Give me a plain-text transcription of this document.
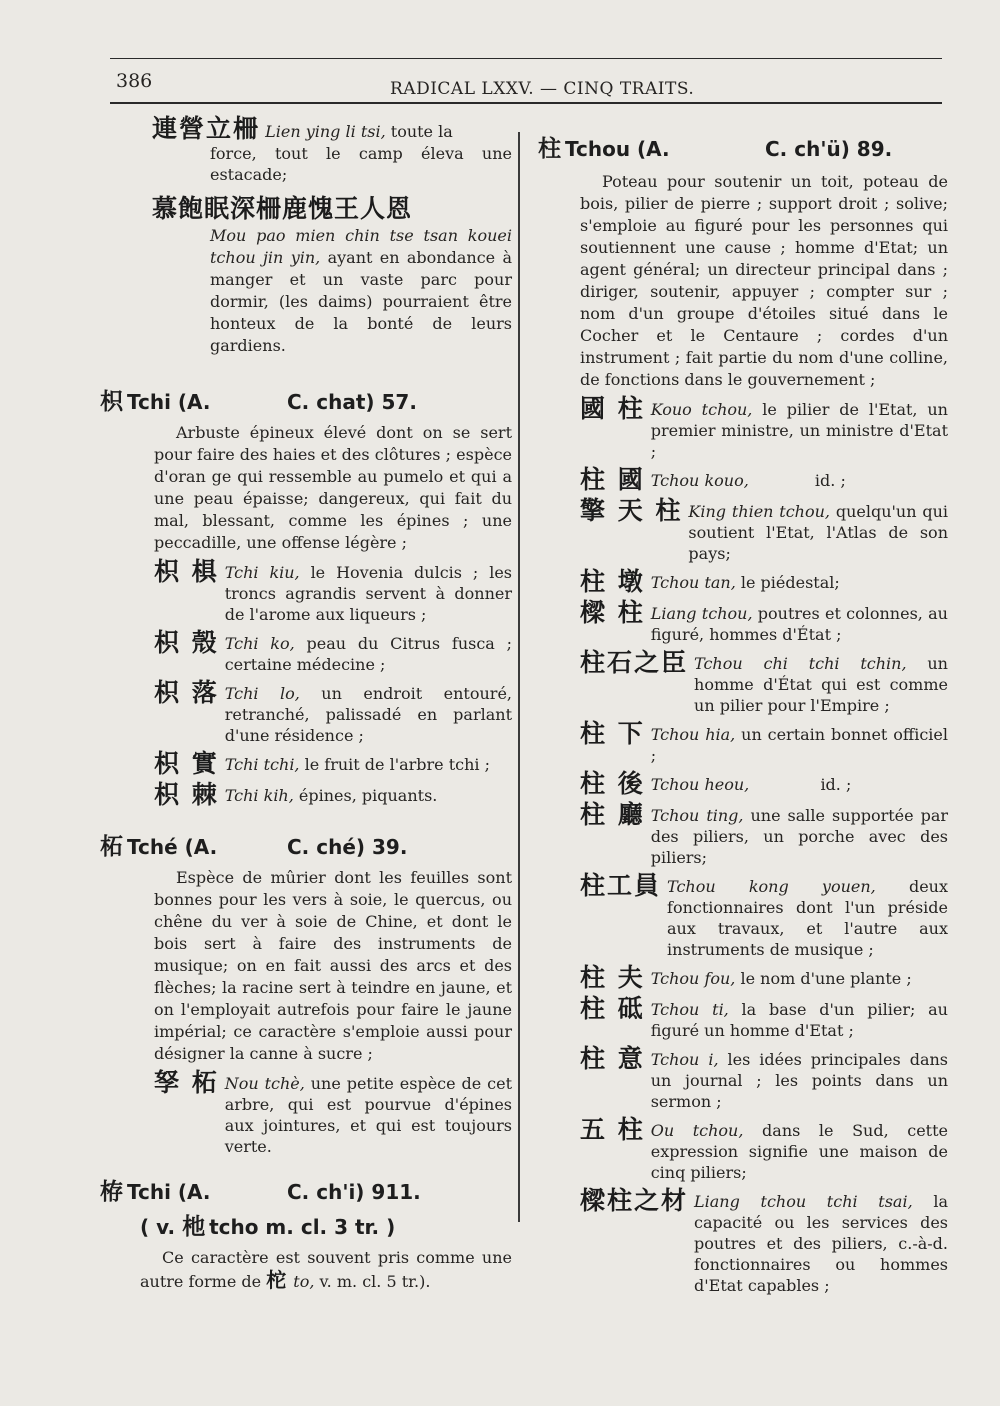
386	RADICAL LXXV. — CINQ TRAITS.
連營立柵 Lien ying li tsi, toute la
force, tout le camp éleva une estacade;
慕飽眠深柵鹿愧王人恩
Mou pao mien chin tse tsan kouei tchou jin yin, ayant en abondance à manger et un vaste parc pour dormir, (les daims) pourraient être honteux de la bonté de leurs gardiens.
枳 Tchi (A.	C. chat) 57.
Arbuste épineux élevé dont on se sert pour faire des haies et des clôtures ; espèce d'oran ge qui ressemble au pumelo et qui a une peau épaisse; dangereux, qui fait du mal, blessant, comme les épines ; une peccadille, une offense légère ;
枳 椇 Tchi kiu, le Hovenia dulcis ; les troncs agrandis servent à donner de l'arome aux liqueurs ;
枳 殼 Tchi ko, peau du Citrus fusca ; certaine médecine ;
枳 落 Tchi lo, un endroit entouré, retranché, palissadé en parlant d'une résidence ;
枳 實 Tchi tchi, le fruit de l'arbre tchi ;
枳 棘 Tchi kih, épines, piquants.
柘 Tché (A.	C. ché) 39.
Espèce de mûrier dont les feuilles sont bonnes pour les vers à soie, le quercus, ou chêne du ver à soie de Chine, et dont le bois sert à faire des instruments de musique; on en fait aussi des arcs et des flèches; la racine sert à teindre en jaune, et on l'employait autrefois pour faire le jaune impérial; ce caractère s'emploie aussi pour désigner la canne à sucre ;
孥 柘 Nou tchè, une petite espèce de cet arbre, qui est pourvue d'épines aux jointures, et qui est toujours verte.
栫 Tchi (A.	C. ch'i) 911.
( v.
杝 tcho m. cl. 3 tr. )
Ce caractère est souvent pris comme une autre forme de 柁 to, v. m. cl. 5 tr.).
柱 Tchou (A.	C. ch'ü) 89.
Poteau pour soutenir un toit, poteau de bois, pilier de pierre ; support droit ; solive; s'emploie au figuré pour les personnes qui soutiennent une cause ; homme d'Etat; un agent général; un directeur principal dans ; diriger, soutenir, appuyer ; compter sur ; nom d'un groupe d'étoiles situé dans le Cocher et le Centaure ; cordes d'un instrument ; fait partie du nom d'une colline, de fonctions dans le gouvernement ;
國 柱 Kouo tchou, le pilier de l'Etat, un premier ministre, un ministre d'Etat ;
柱 國 Tchou kouo,             id. ;
擎 天 柱 King thien tchou, quelqu'un qui soutient l'Etat, l'Atlas de son pays;
柱 墩 Tchou tan, le piédestal;
樑 柱 Liang tchou, poutres et colonnes, au figuré, hommes d'État ;
柱石之臣 Tchou chi tchi tchin, un homme d'État qui est comme un pilier pour l'Empire ;
柱 下 Tchou hia, un certain bonnet officiel ;
柱 後 Tchou heou,              id. ;
柱 廳 Tchou ting, une salle supportée par des piliers, un porche avec des piliers;
柱工員 Tchou kong youen, deux fonctionnaires dont l'un préside aux travaux, et l'autre aux instruments de musique ;
柱 夫 Tchou fou, le nom d'une plante ;
柱 砥 Tchou ti, la base d'un pilier; au figuré un homme d'Etat ;
柱 意 Tchou i, les idées principales dans un journal ; les points dans un sermon ;
五 柱 Ou tchou, dans le Sud, cette expression signifie une maison de cinq piliers;
樑柱之材 Liang tchou tchi tsai, la capacité ou les services des poutres et des piliers, c.-à-d. fonctionnaires ou hommes d'Etat capables ;
